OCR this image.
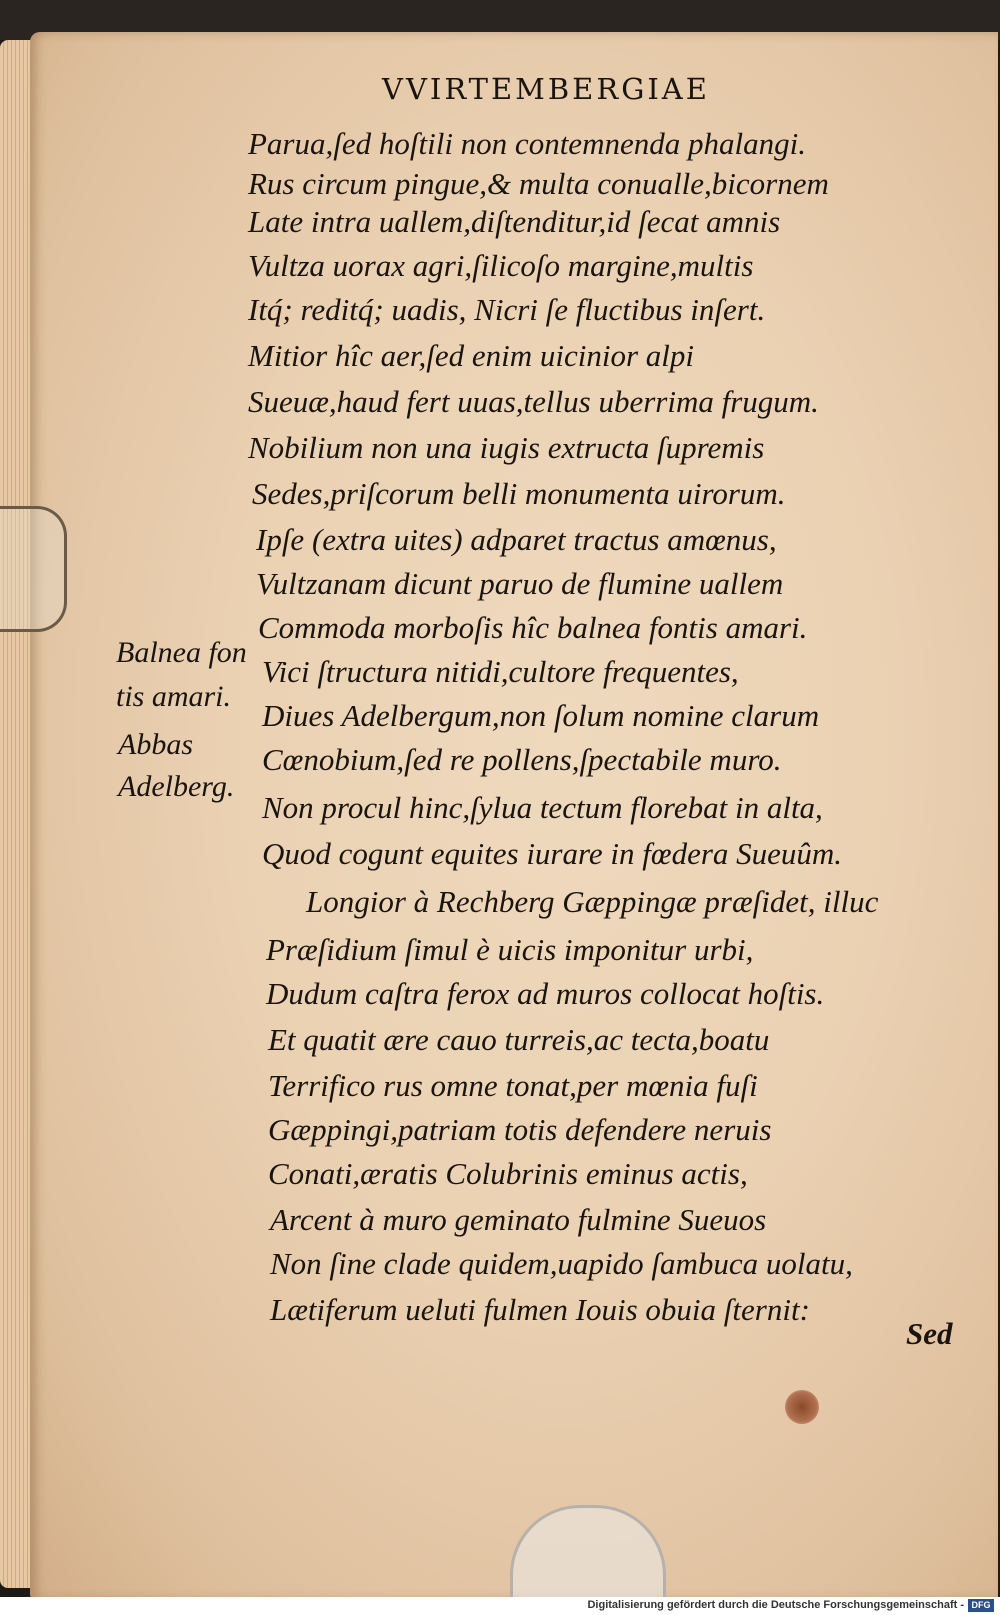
VVIRTEMBERGIAE
Parua,ſed hoſtili non contemnenda phalangi.
Rus circum pingue,& multa conualle,bicornem
Late intra uallem,diſtenditur,id ſecat amnis
Vultza uorax agri,ſilicoſo margine,multis
Itq́; reditq́; uadis, Nicri ſe fluctibus inſert.
Mitior hîc aer,ſed enim uicinior alpi
Sueuæ,haud fert uuas,tellus uberrima frugum.
Nobilium non una iugis extructa ſupremis
Sedes,priſcorum belli monumenta uirorum.
Ipſe (extra uites) adparet tractus amœnus,
Vultzanam dicunt paruo de flumine uallem
Commoda morboſis hîc balnea fontis amari.
Vici ſtructura nitidi,cultore frequentes,
Diues Adelbergum,non ſolum nomine clarum
Cœnobium,ſed re pollens,ſpectabile muro.
Non procul hinc,ſylua tectum florebat in alta,
Quod cogunt equites iurare in fœdera Sueuûm.
Longior à Rechberg Gæppingæ præſidet, illuc
Præſidium ſimul è uicis imponitur urbi,
Dudum caſtra ferox ad muros collocat hoſtis.
Et quatit ære cauo turreis,ac tecta,boatu
Terrifico rus omne tonat,per mœnia fuſi
Gæppingi,patriam totis defendere neruis
Conati,æratis Colubrinis eminus actis,
Arcent à muro geminato fulmine Sueuos
Non ſine clade quidem,uapido ſambuca uolatu,
Lætiferum ueluti fulmen Iouis obuia ſternit:
Balnea fon
tis amari.
Abbas
Adelberg.
Sed
Digitalisierung gefördert durch die Deutsche Forschungsgemeinschaft - DFG
